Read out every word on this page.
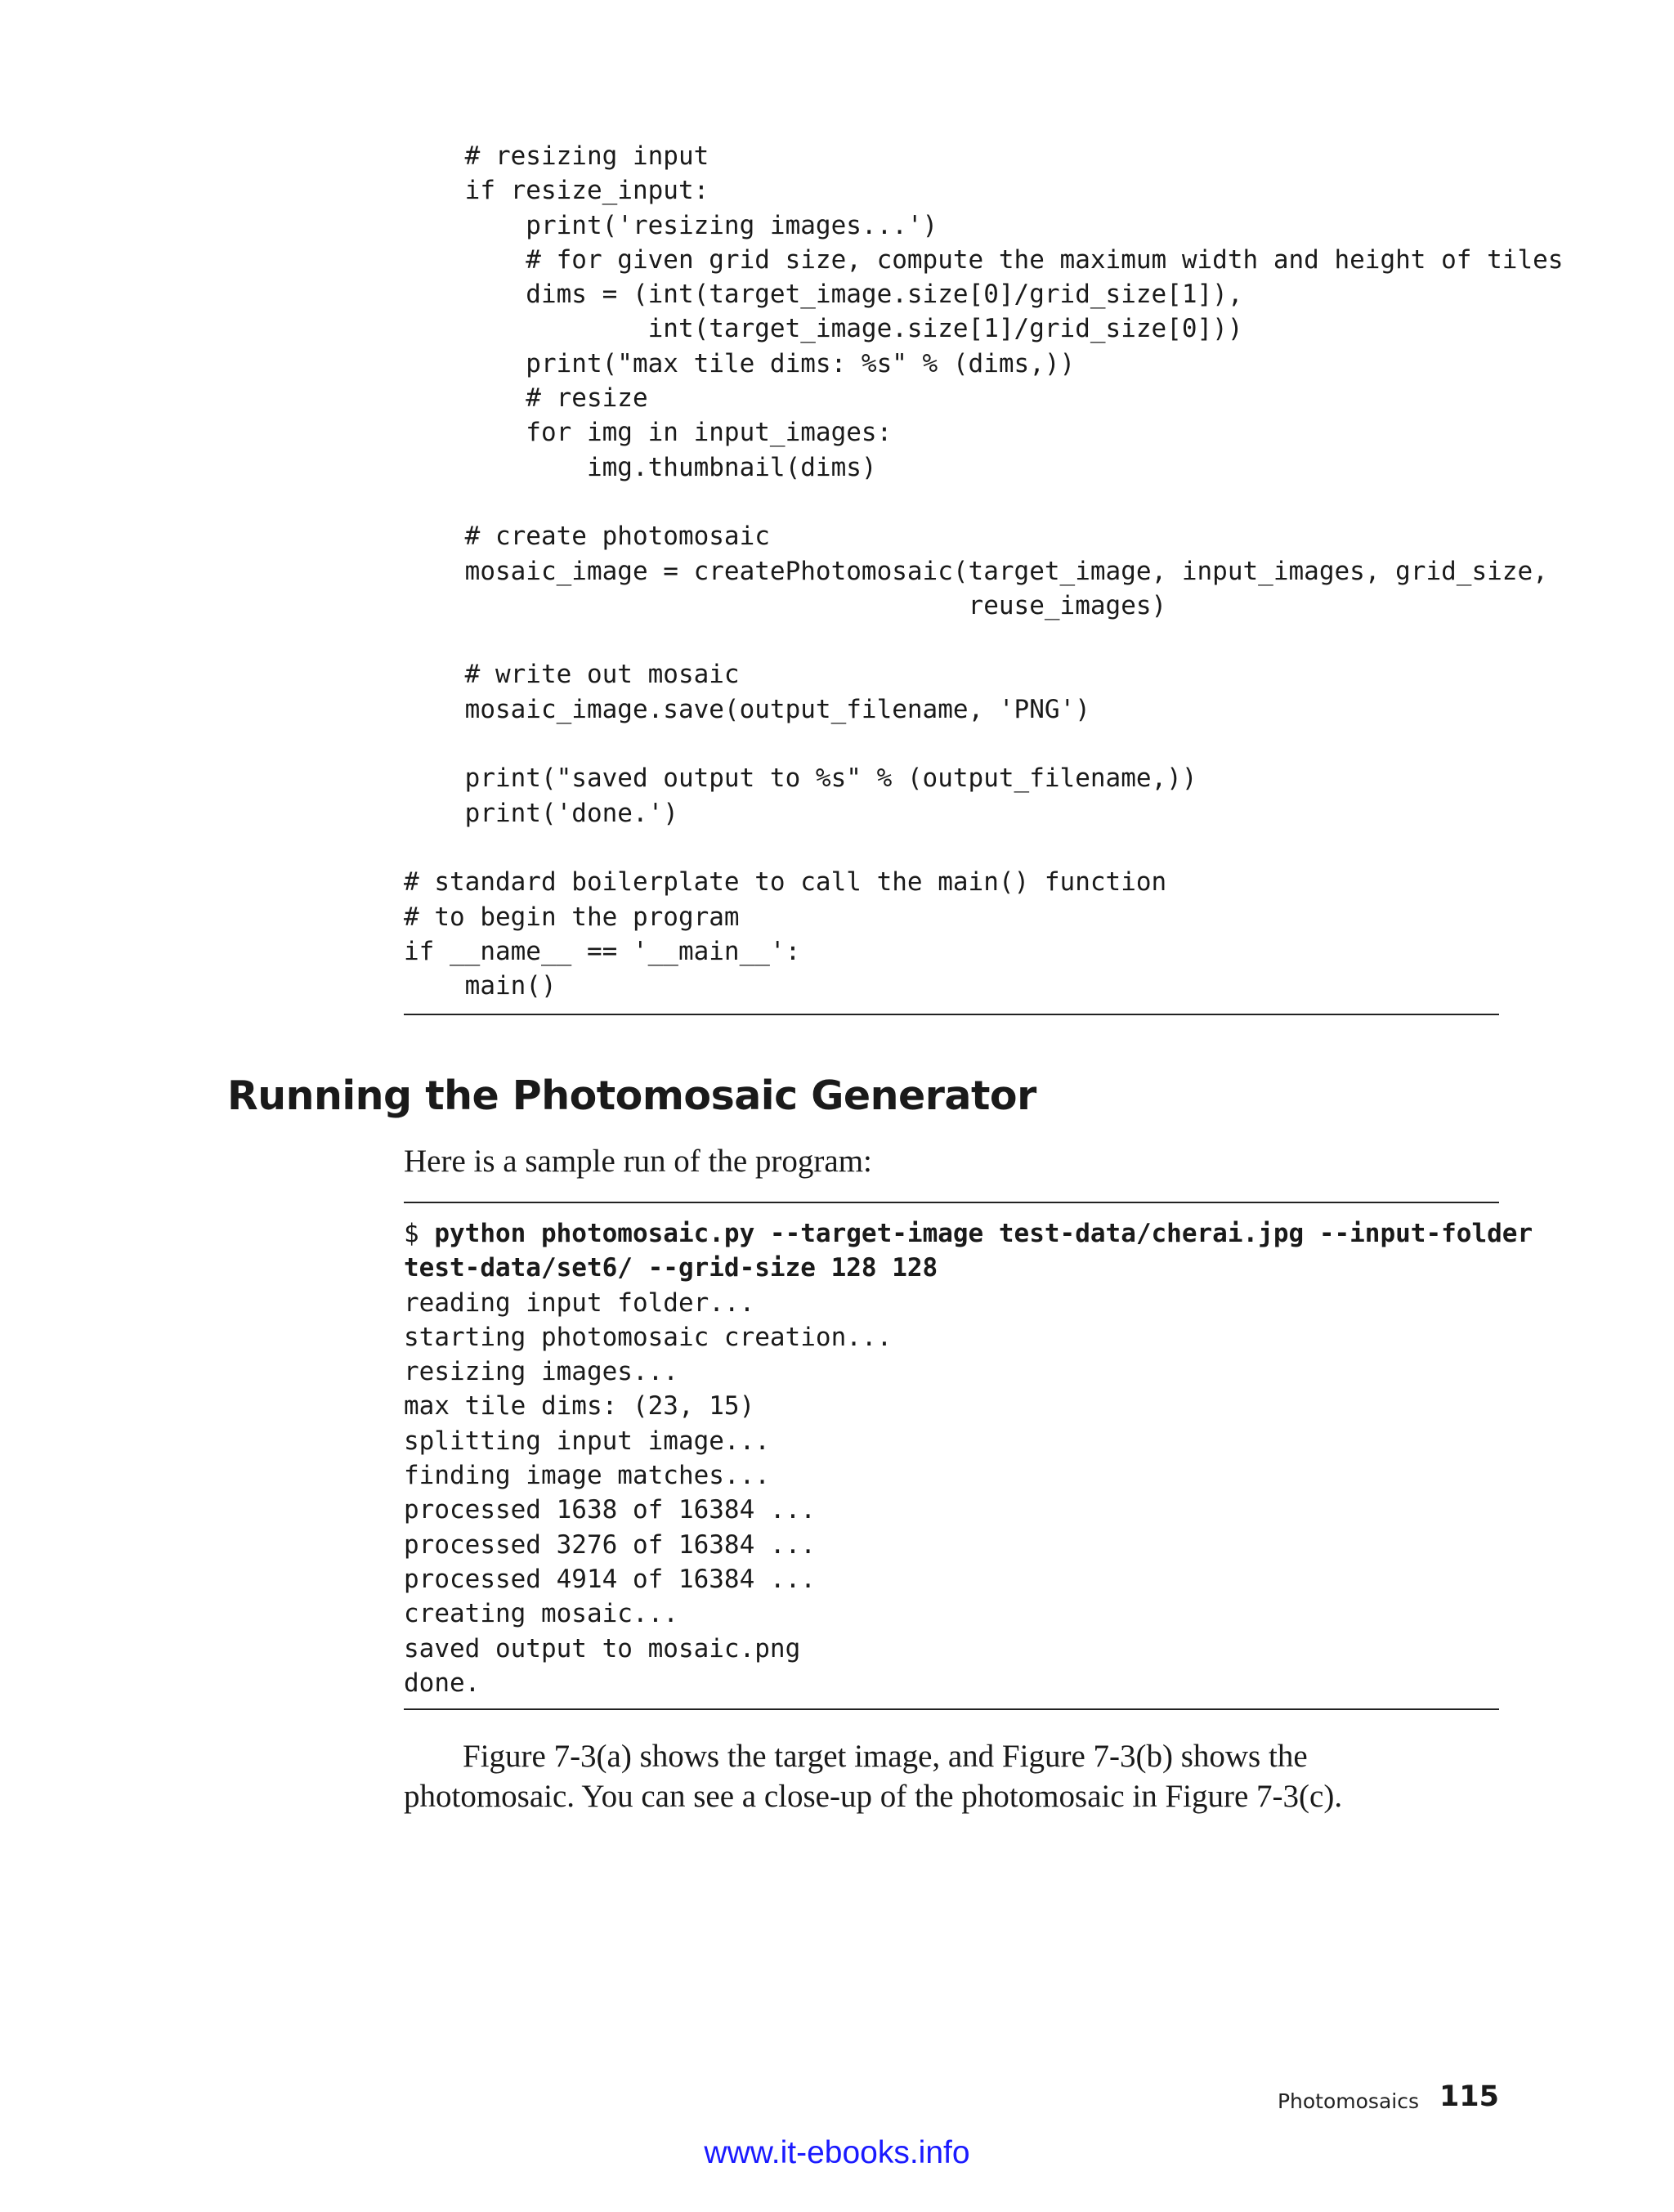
# resizing input
if resize_input:
print('resizing images...')
# for given grid size, compute the maximum width and height of tiles
dims = (int(target_image.size[0]/grid_size[1]),
int(target_image.size[1]/grid_size[0]))
print("max tile dims: %s" % (dims,))
# resize
for img in input_images:
img.thumbnail(dims)

# create photomosaic
mosaic_image = createPhotomosaic(target_image, input_images, grid_size,
reuse_images)

# write out mosaic
mosaic_image.save(output_filename, 'PNG')

print("saved output to %s" % (output_filename,))
print('done.')

# standard boilerplate to call the main() function
# to begin the program
if __name__ == '__main__':
main()
Running the Photomosaic Generator

Here is a sample run of the program:

$ python photomosaic.py --target-image test-data/cherai.jpg --input-folder
test-data/set6/ --grid-size 128 128
reading input folder...
starting photomosaic creation...
resizing images...
max tile dims: (23, 15)
splitting input image...
finding image matches...
processed 1638 of 16384 ...
processed 3276 of 16384 ...
processed 4914 of 16384 ...
creating mosaic...
saved output to mosaic.png
done.

Figure 7-3(a) shows the target image, and Figure 7-3(b) shows the
photomosaic. You can see a close-up of the photomosaic in Figure 7-3(c).

Photomosaics 115
www.it-ebooks.info
